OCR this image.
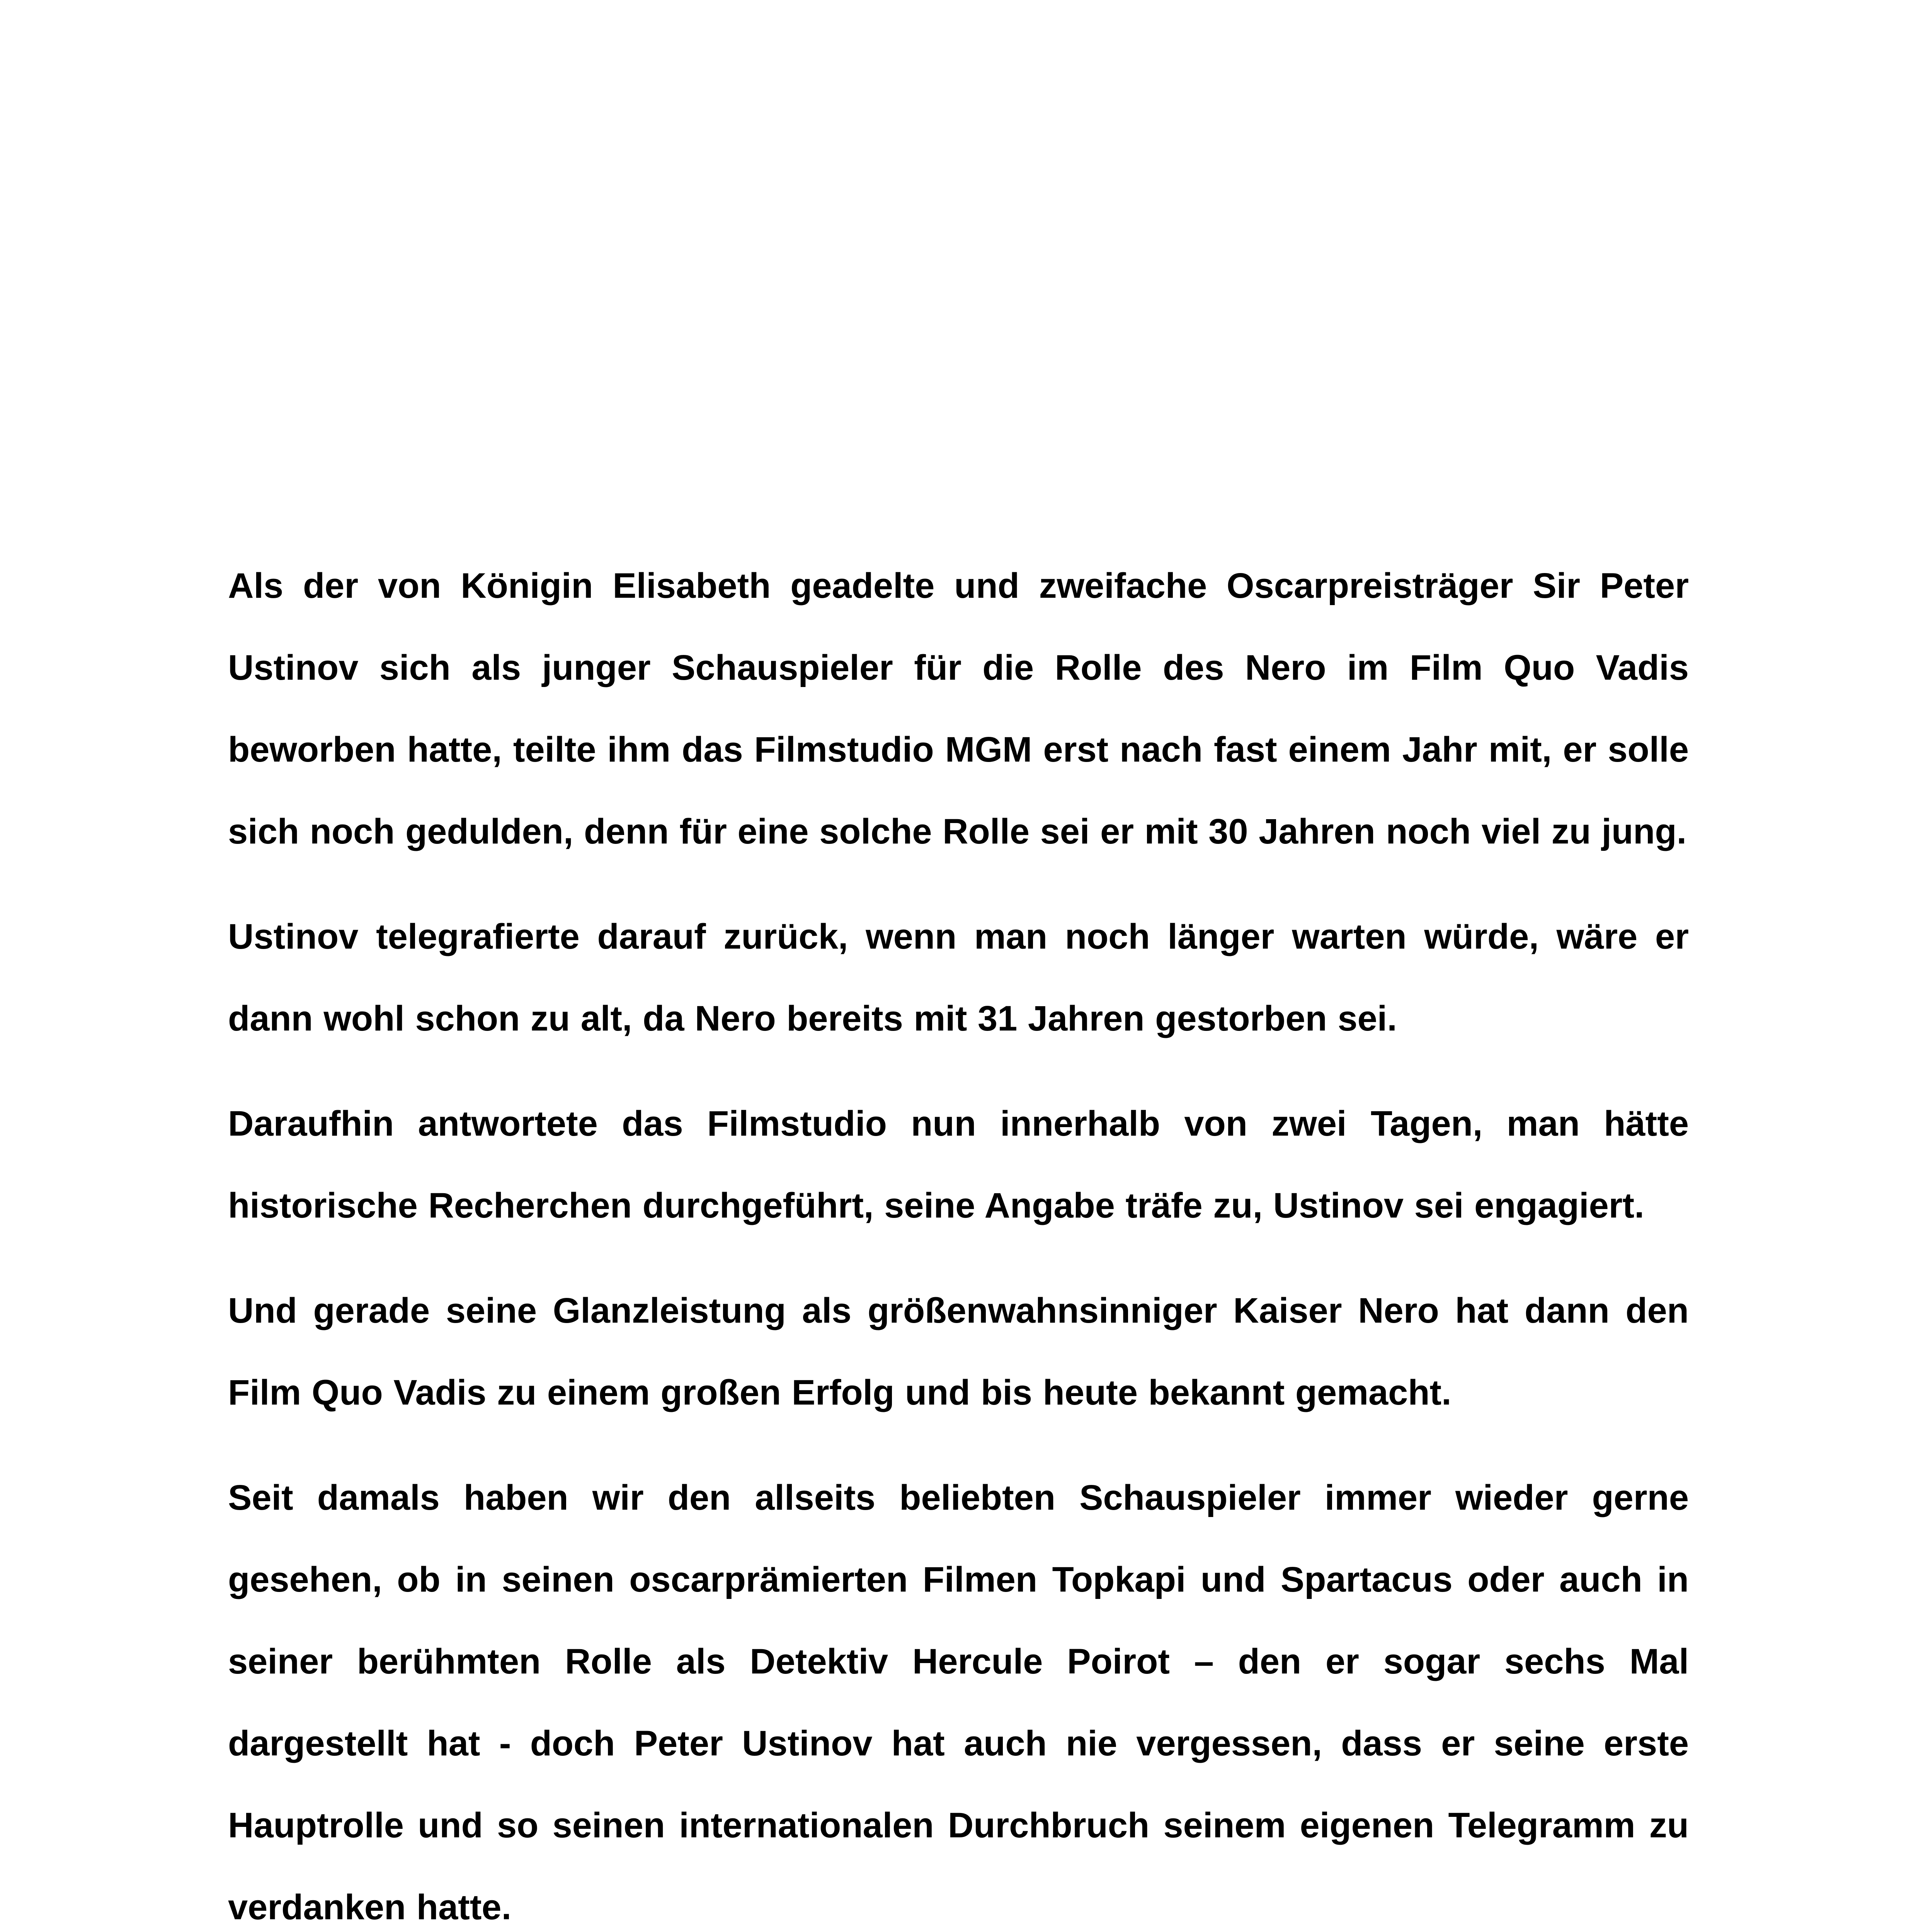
Als der von Königin Elisabeth geadelte und zweifache Oscarpreisträger Sir Peter Ustinov sich als junger Schauspieler für die Rolle des Nero im Film Quo Vadis beworben hatte, teilte ihm das Filmstudio MGM erst nach fast einem Jahr mit, er solle sich noch gedulden, denn für eine solche Rolle sei er mit 30 Jahren noch viel zu jung.

Ustinov telegrafierte darauf zurück, wenn man noch länger warten würde, wäre er dann wohl schon zu alt, da Nero bereits mit 31 Jahren gestorben sei.

Daraufhin antwortete das Filmstudio nun innerhalb von zwei Tagen, man hätte historische Recherchen durchgeführt, seine Angabe träfe zu, Ustinov sei engagiert.

Und gerade seine Glanzleistung als größenwahnsinniger Kaiser Nero hat dann den Film Quo Vadis zu einem großen Erfolg und bis heute bekannt gemacht.

Seit damals haben wir den allseits beliebten Schauspieler immer wieder gerne gesehen, ob in seinen oscarprämierten Filmen Topkapi und Spartacus oder auch in seiner berühmten Rolle als Detektiv Hercule Poirot – den er sogar sechs Mal dargestellt hat - doch Peter Ustinov hat auch nie vergessen, dass er seine erste Hauptrolle und so seinen internationalen Durchbruch seinem eigenen Telegramm zu verdanken hatte.
